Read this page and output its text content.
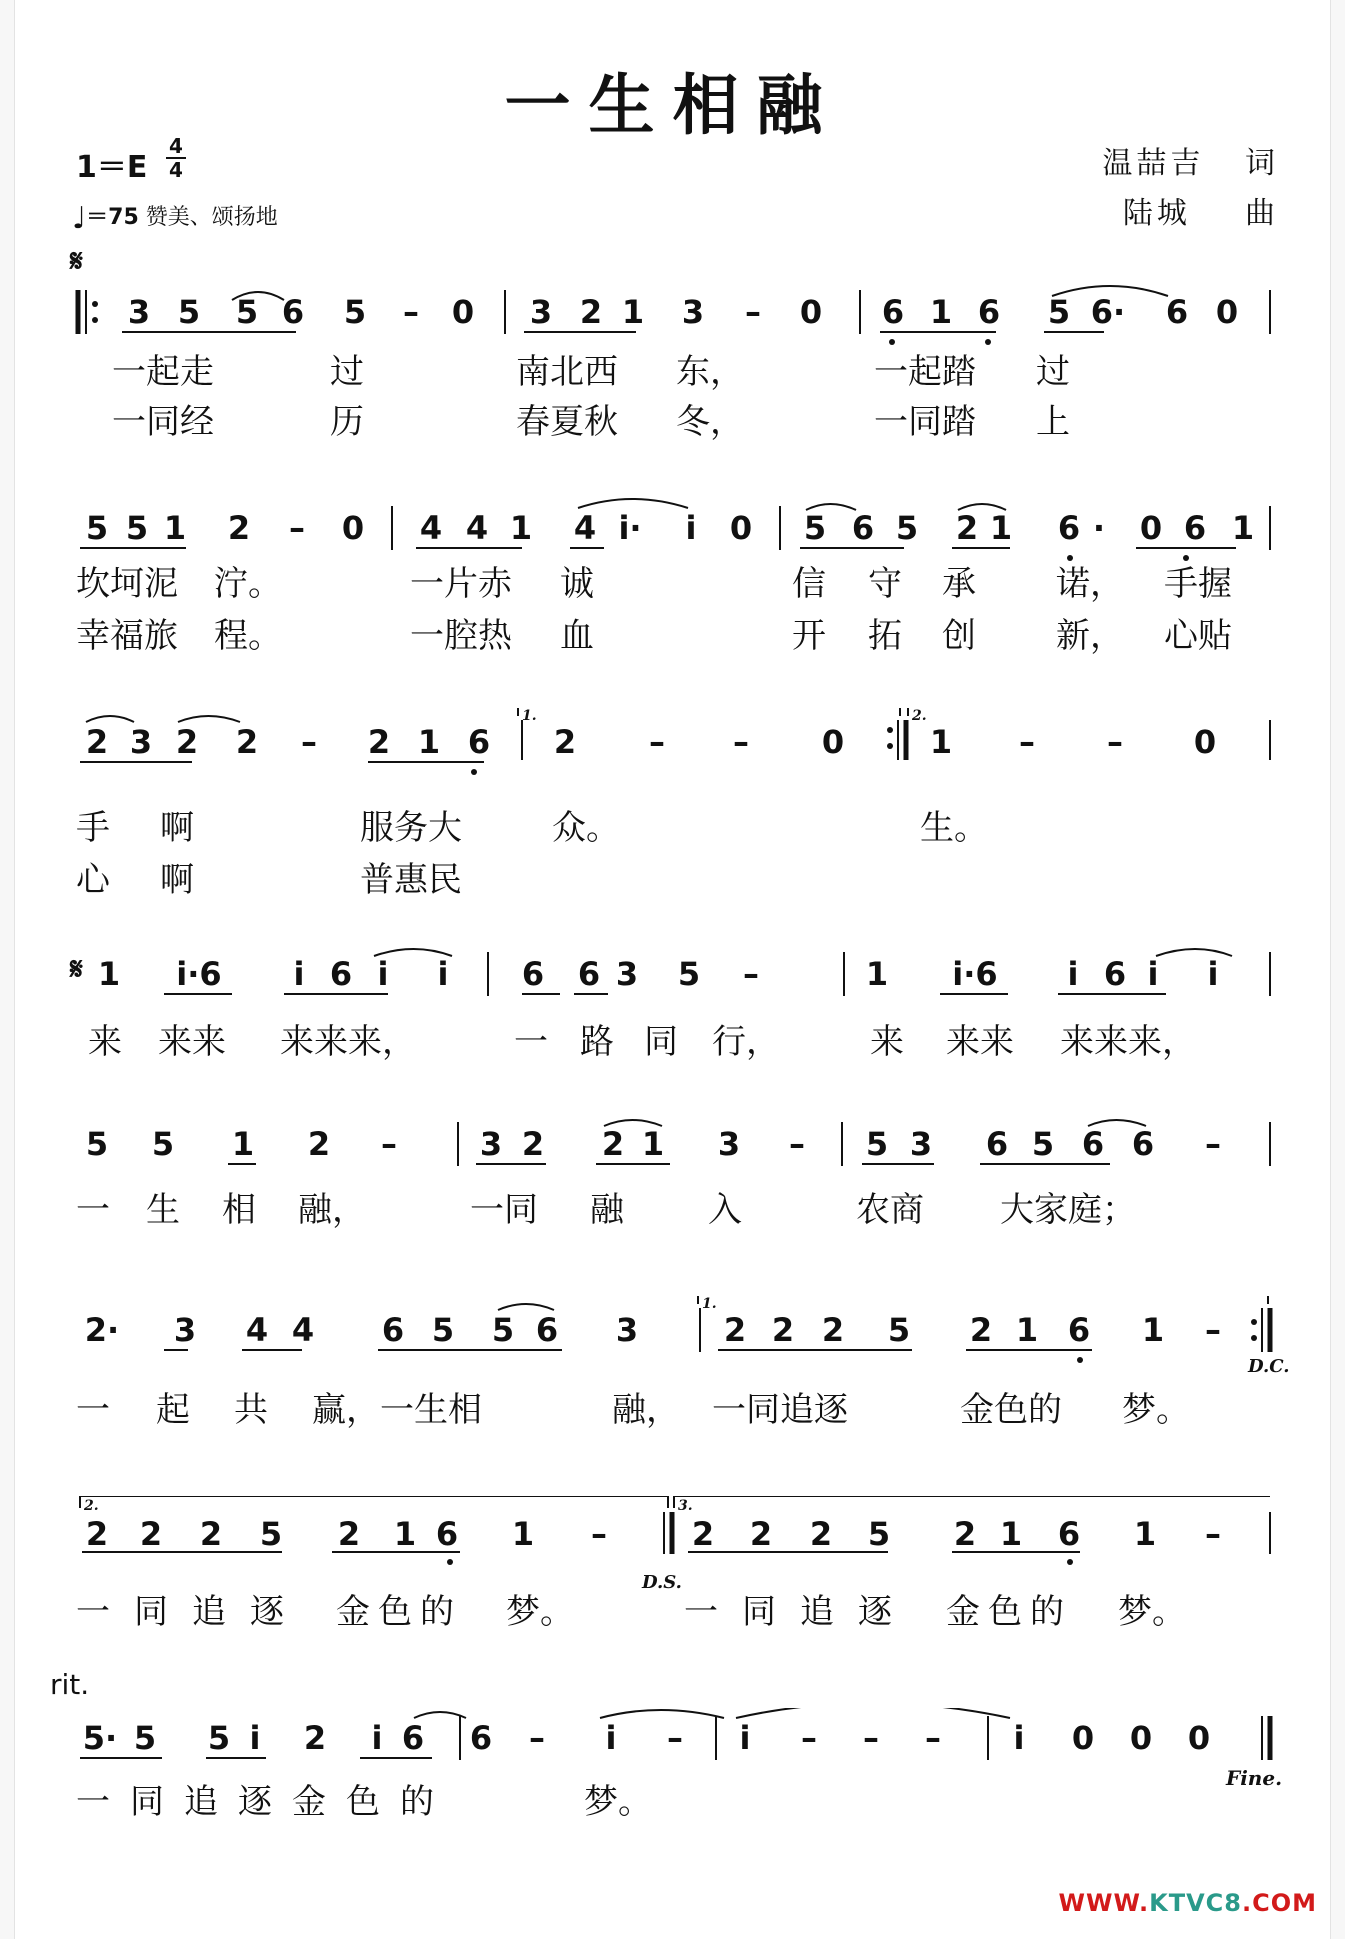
一生相融
1＝E
4
4
♩＝75 赞美、颂扬地
温喆吉 词
陆城 曲
𝄋
3 5 5 6 5 – 0 3 2 1 3 – 0 6 1 6 5 6· 6 0
一起走	过	南北西 东，	一起踏 过
一同经	历	春夏秋 冬，	一同踏 上
5 5 1 2 – 0 4 4 1 4 i· i 0 5 6 5 2 1 6 · 0 6 1
坎坷泥 泞。	一片赤 诚	信 守 承 诺， 手握
幸福旅 程。	一腔热 血	开 拓 创 新， 心贴
1.	2.
2 3 2 2 – 2 1 6 2 – – 0	1 – – 0
手 啊	服务大	众。	生。
心 啊	普惠民
𝄋 1	i·6	i 6 i i 6 6 3 5 –	1	i·6	i 6 i i
来 来来 来来来，	一 路 同 行，	来 来来 来来来，
5 5 1 2 –	3 2 2 1 3 – 5 3 6 5 6 6 –
一 生 相 融，	一同 融 入	农商 大家庭；
1.
D.C.
2· 3 4 4 6 5 5 6 3	2 2 2 5 2 1 6 1 –
一 起 共 赢，一生相	融， 一同追逐	金色的 梦。
2.	3.
D.S.
2 2 2 5 2 1 6 1 –	2 2 2 5 2 1 6 1 –
一同追逐 金色的 梦。	一同追逐 金色的 梦。
rit.
5· 5 5 i 2 i 6 6 – i – i – – – i 0 0 0
Fine.
一同追逐金色的	梦。
WWW.KTVC8.COM
